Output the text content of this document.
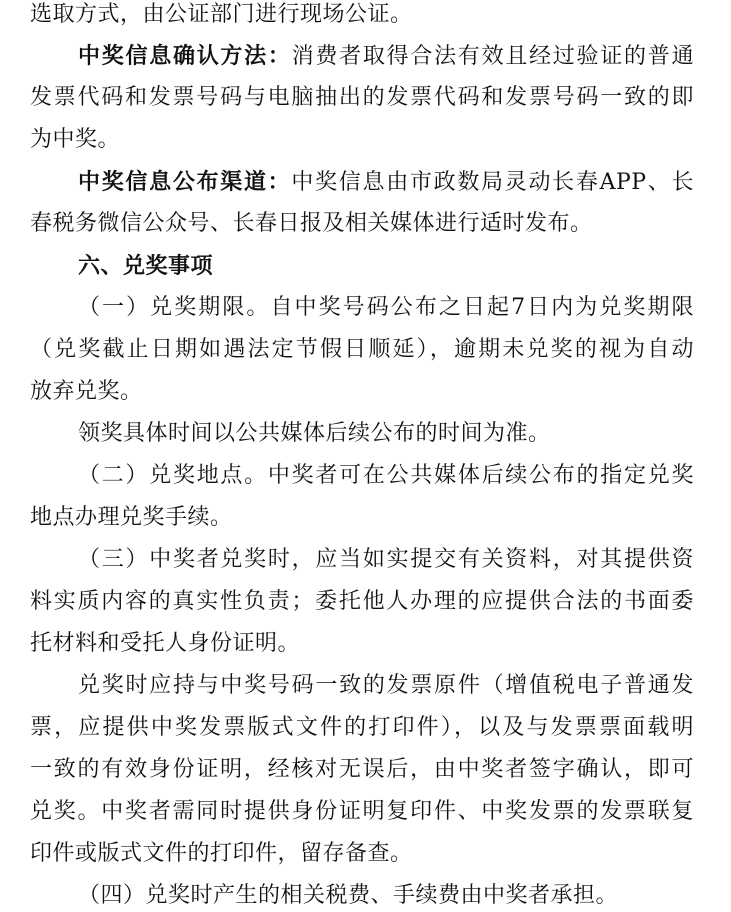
选取方式，由公证部门进行现场公证。
中奖信息确认方法：消费者取得合法有效且经过验证的普通
发票代码和发票号码与电脑抽出的发票代码和发票号码一致的即
为中奖。
中奖信息公布渠道：中奖信息由市政数局灵动长春APP、长
春税务微信公众号、长春日报及相关媒体进行适时发布。
六、兑奖事项
（一）兑奖期限。自中奖号码公布之日起7日内为兑奖期限
（兑奖截止日期如遇法定节假日顺延），逾期未兑奖的视为自动
放弃兑奖。
领奖具体时间以公共媒体后续公布的时间为准。
（二）兑奖地点。中奖者可在公共媒体后续公布的指定兑奖
地点办理兑奖手续。
（三）中奖者兑奖时，应当如实提交有关资料，对其提供资
料实质内容的真实性负责；委托他人办理的应提供合法的书面委
托材料和受托人身份证明。
兑奖时应持与中奖号码一致的发票原件（增值税电子普通发
票，应提供中奖发票版式文件的打印件），以及与发票票面载明
一致的有效身份证明，经核对无误后，由中奖者签字确认，即可
兑奖。中奖者需同时提供身份证明复印件、中奖发票的发票联复
印件或版式文件的打印件，留存备查。
（四）兑奖时产生的相关税费、手续费由中奖者承担。
